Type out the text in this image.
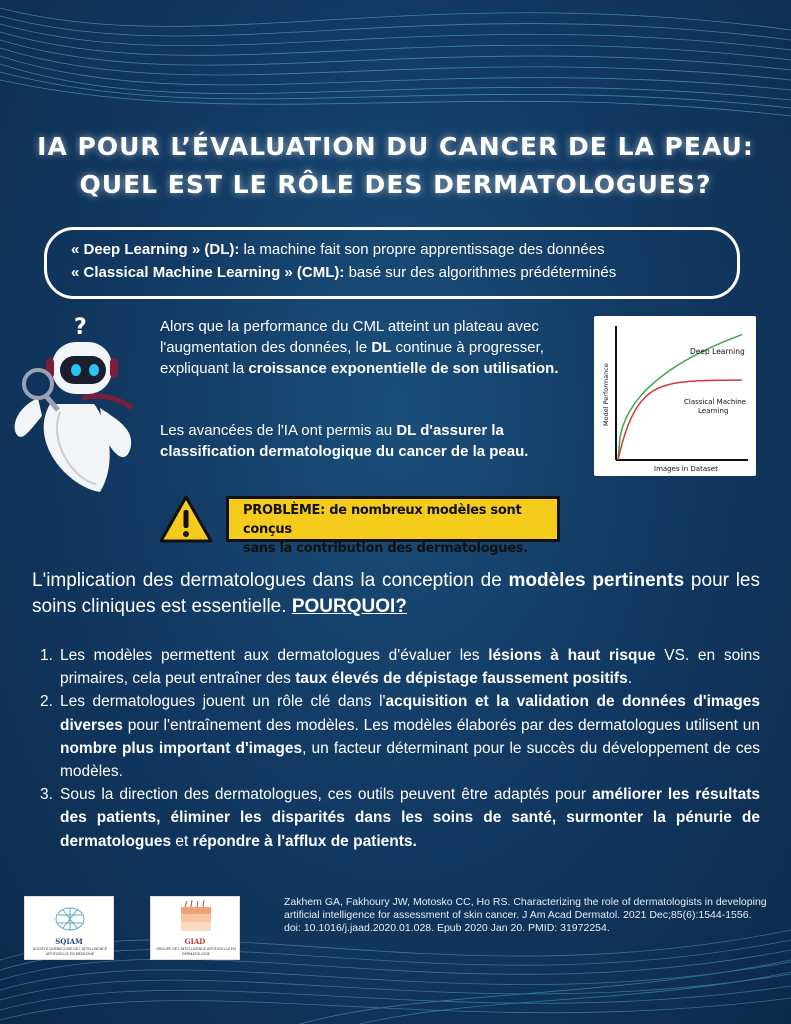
IA POUR L’ÉVALUATION DU CANCER DE LA PEAU:
QUEL EST LE RÔLE DES DERMATOLOGUES?
« Deep Learning » (DL): la machine fait son propre apprentissage des données
« Classical Machine Learning » (CML): basé sur des algorithmes prédéterminés
?	Alors que la performance du CML atteint un plateau avec l'augmentation des données, le DL continue à progresser, expliquant la croissance exponentielle de son utilisation.
Les avancées de l'IA ont permis au DL d'assurer la classification dermatologique du cancer de la peau.
Deep Learning
Classical Machine
Learning
Images in Dataset
Model Performance
PROBLÈME: de nombreux modèles sont conçus
sans la contribution des dermatologues.
L'implication des dermatologues dans la conception de modèles pertinents pour les soins cliniques est essentielle. POURQUOI?
1. Les modèles permettent aux dermatologues d'évaluer les lésions à haut risque VS. en soins primaires, cela peut entraîner des taux élevés de dépistage faussement positifs.
2. Les dermatologues jouent un rôle clé dans l'acquisition et la validation de données d'images diverses pour l'entraînement des modèles. Les modèles élaborés par des dermatologues utilisent un nombre plus important d'images, un facteur déterminant pour le succès du développement de ces modèles.
3. Sous la direction des dermatologues, ces outils peuvent être adaptés pour améliorer les résultats des patients, éliminer les disparités dans les soins de santé, surmonter la pénurie de dermatologues et répondre à l'afflux de patients.
SQIAM
SOCIÉTÉ QUÉBÉCOISE DE L'INTELLIGENCE ARTIFICIELLE EN MÉDECINE
GIAD
GROUPE DE L'INTELLIGENCE ARTIFICIELLE EN DERMATOLOGIE
Zakhem GA, Fakhoury JW, Motosko CC, Ho RS. Characterizing the role of dermatologists in developing artificial intelligence for assessment of skin cancer. J Am Acad Dermatol. 2021 Dec;85(6):1544-1556. doi: 10.1016/j.jaad.2020.01.028. Epub 2020 Jan 20. PMID: 31972254.
